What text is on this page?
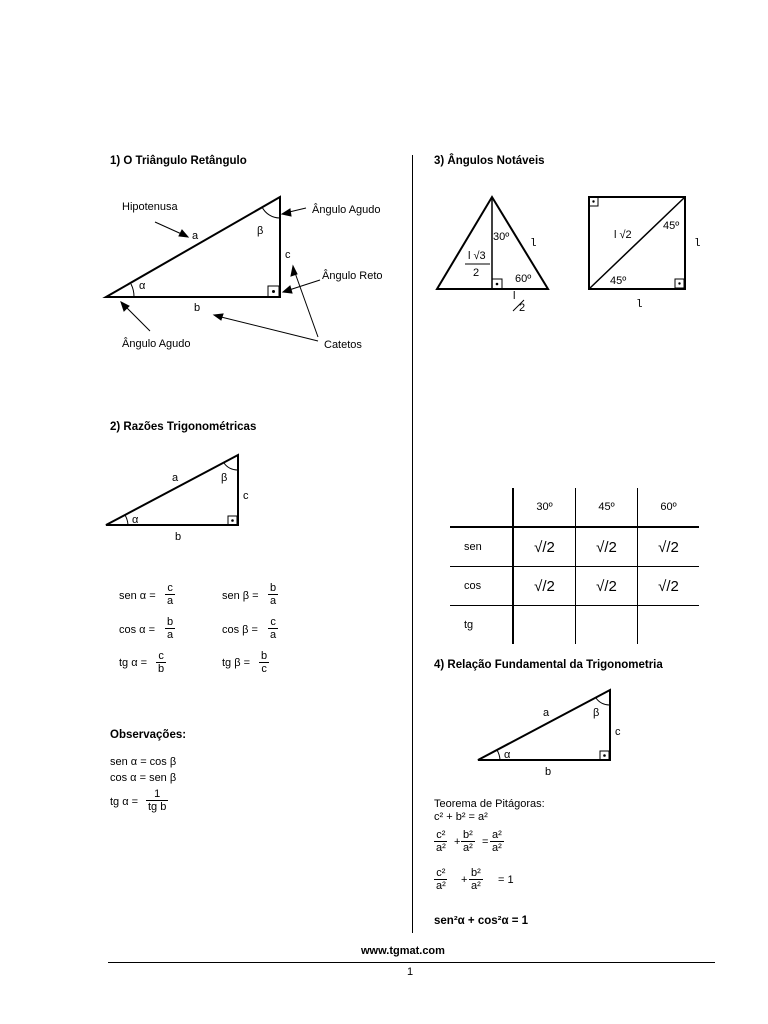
1) O Triângulo Retângulo
α
β
a
b
c
Hipotenusa	Ângulo Agudo
Ângulo Reto
Ângulo Agudo	Catetos
2) Razões Trigonométricas
α
β
a
b
c
sen $\alpha = \frac{c}{a}$	sen $\beta = \frac{b}{a}$
$\cos \alpha = \frac{b}{a}$	$\cos \beta = \frac{c}{a}$
tg $\alpha = \frac{c}{b}$	tg $\beta = \frac{b}{c}$
Observações:
sen α = cos β
cos α = sen β
tg $\alpha = \frac{1}{\text{tg b}}$
3) Ângulos Notáveis
30º
60º
l
l √3
2
l
2
45º
45º
l √2
l
l
	30º	45º	60º
sen	√/2	√/2	√/2
cos	√/2	√/2	√/2
tg			
4) Relação Fundamental da Trigonometria
α
β
a
b
c
Teorema de Pitágoras:
c² + b² = a²
$\frac{\text{c²}}{\text{a²}} + \frac{\text{b²}}{\text{a²}} = \frac{\text{a²}}{\text{a²}}$
$\frac{\text{c²}}{\text{a²}} + \frac{\text{b²}}{\text{a²}} = 1$
sen²α + cos²α = 1
www.tgmat.com
1
